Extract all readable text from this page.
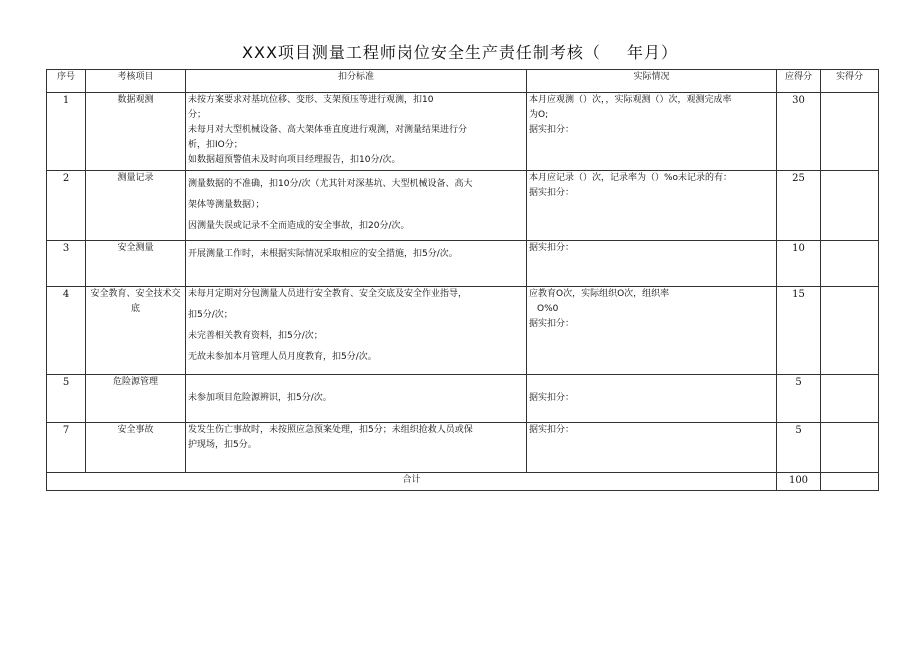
XXX项目测量工程师岗位安全生产责任制考核（ 年月）
序号	考核项目	扣分标准	实际情况	应得分	实得分
1	数据观测	未按方案要求对基坑位移、变形、支架预压等进行观测，扣10
分；
未每月对大型机械设备、高大架体垂直度进行观测，对测量结果进行分
析，扣IO分；
如数据超预警值未及时向项目经理报告，扣10分/次。	本月应观测（）次，，实际观测（）次，观测完成率
为O;
据实扣分：	30	
2	测量记录	测量数据的不准确，扣10分/次（尤其针对深基坑、大型机械设备、高大
架体等测量数据）；
因测量失误或记录不全而造成的安全事故，扣20分/次。	本月应记录（）次，记录率为（）%o未记录的有：
据实扣分：	25	
3	安全测量	开展测量工作时，未根据实际情况采取相应的安全措施，扣5分/次。	据实扣分：	10	
4	安全教育、安全技术交底	未每月定期对分包测量人员进行安全教育、安全交底及安全作业指导，
扣5分/次；
未完善相关教育资料，扣5分/次；
无故未参加本月管理人员月度教育，扣5分/次。	应教育O次，实际组织O次，组织率
O%0
据实扣分：	15	
5	危险源管理	未参加项目危险源辨识，扣5分/次。	据实扣分：	5	
7	安全事故	发发生伤亡事故时，未按照应急预案处理，扣5分；未组织抢救人员或保
护现场，扣5分。	据实扣分：	5	
合计				100	
